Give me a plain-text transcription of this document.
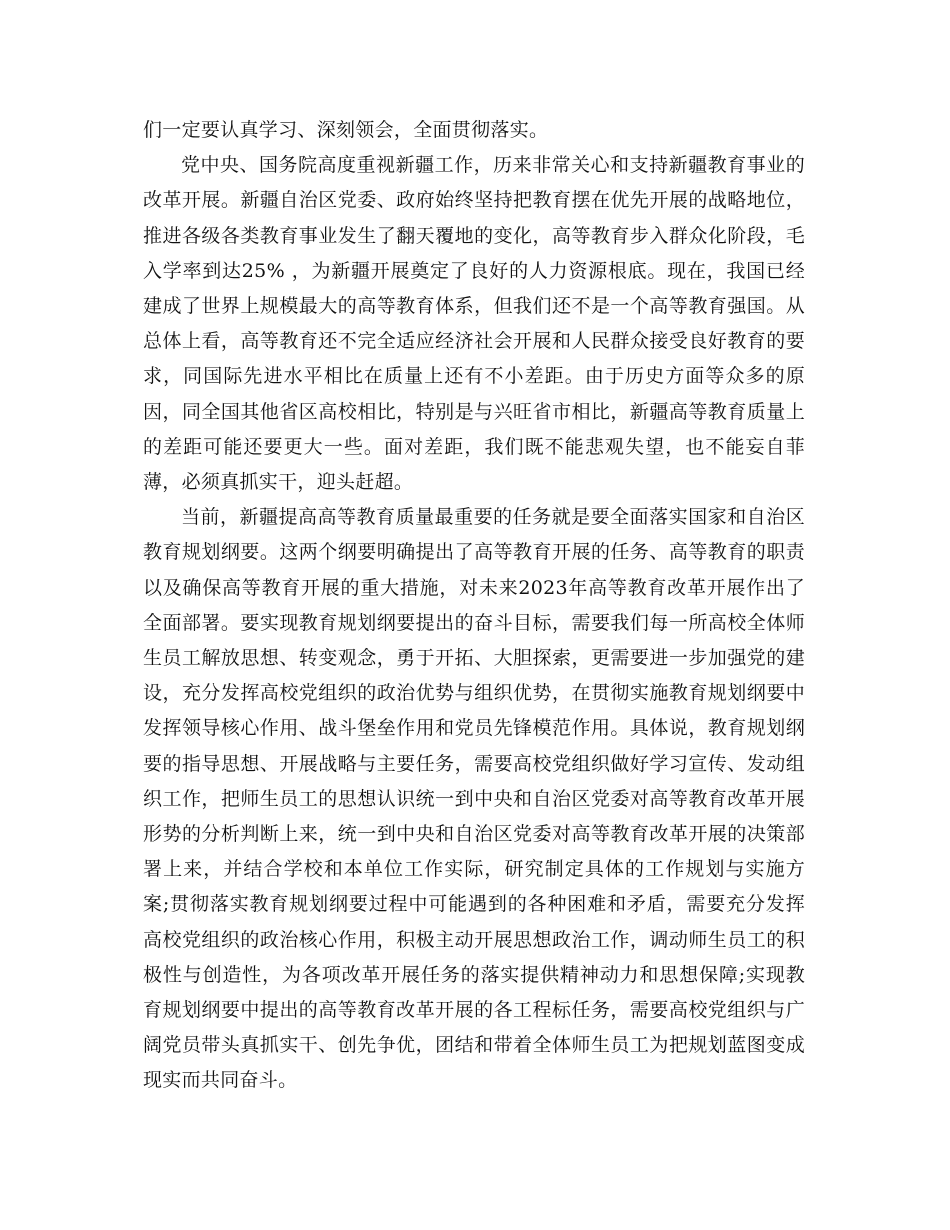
们一定要认真学习、深刻领会，全面贯彻落实。

党中央、国务院高度重视新疆工作，历来非常关心和支持新疆教育事业的改革开展。新疆自治区党委、政府始终坚持把教育摆在优先开展的战略地位，推进各级各类教育事业发生了翻天覆地的变化，高等教育步入群众化阶段，毛入学率到达25% ，为新疆开展奠定了良好的人力资源根底。现在，我国已经建成了世界上规模最大的高等教育体系，但我们还不是一个高等教育强国。从总体上看，高等教育还不完全适应经济社会开展和人民群众接受良好教育的要求，同国际先进水平相比在质量上还有不小差距。由于历史方面等众多的原因，同全国其他省区高校相比，特别是与兴旺省市相比，新疆高等教育质量上的差距可能还要更大一些。面对差距，我们既不能悲观失望，也不能妄自菲薄，必须真抓实干，迎头赶超。

当前，新疆提高高等教育质量最重要的任务就是要全面落实国家和自治区教育规划纲要。这两个纲要明确提出了高等教育开展的任务、高等教育的职责以及确保高等教育开展的重大措施，对未来2023年高等教育改革开展作出了全面部署。要实现教育规划纲要提出的奋斗目标，需要我们每一所高校全体师生员工解放思想、转变观念，勇于开拓、大胆探索，更需要进一步加强党的建设，充分发挥高校党组织的政治优势与组织优势，在贯彻实施教育规划纲要中发挥领导核心作用、战斗堡垒作用和党员先锋模范作用。具体说，教育规划纲要的指导思想、开展战略与主要任务，需要高校党组织做好学习宣传、发动组织工作，把师生员工的思想认识统一到中央和自治区党委对高等教育改革开展形势的分析判断上来，统一到中央和自治区党委对高等教育改革开展的决策部署上来，并结合学校和本单位工作实际，研究制定具体的工作规划与实施方案;贯彻落实教育规划纲要过程中可能遇到的各种困难和矛盾，需要充分发挥高校党组织的政治核心作用，积极主动开展思想政治工作，调动师生员工的积极性与创造性，为各项改革开展任务的落实提供精神动力和思想保障;实现教育规划纲要中提出的高等教育改革开展的各工程标任务，需要高校党组织与广阔党员带头真抓实干、创先争优，团结和带着全体师生员工为把规划蓝图变成现实而共同奋斗。
